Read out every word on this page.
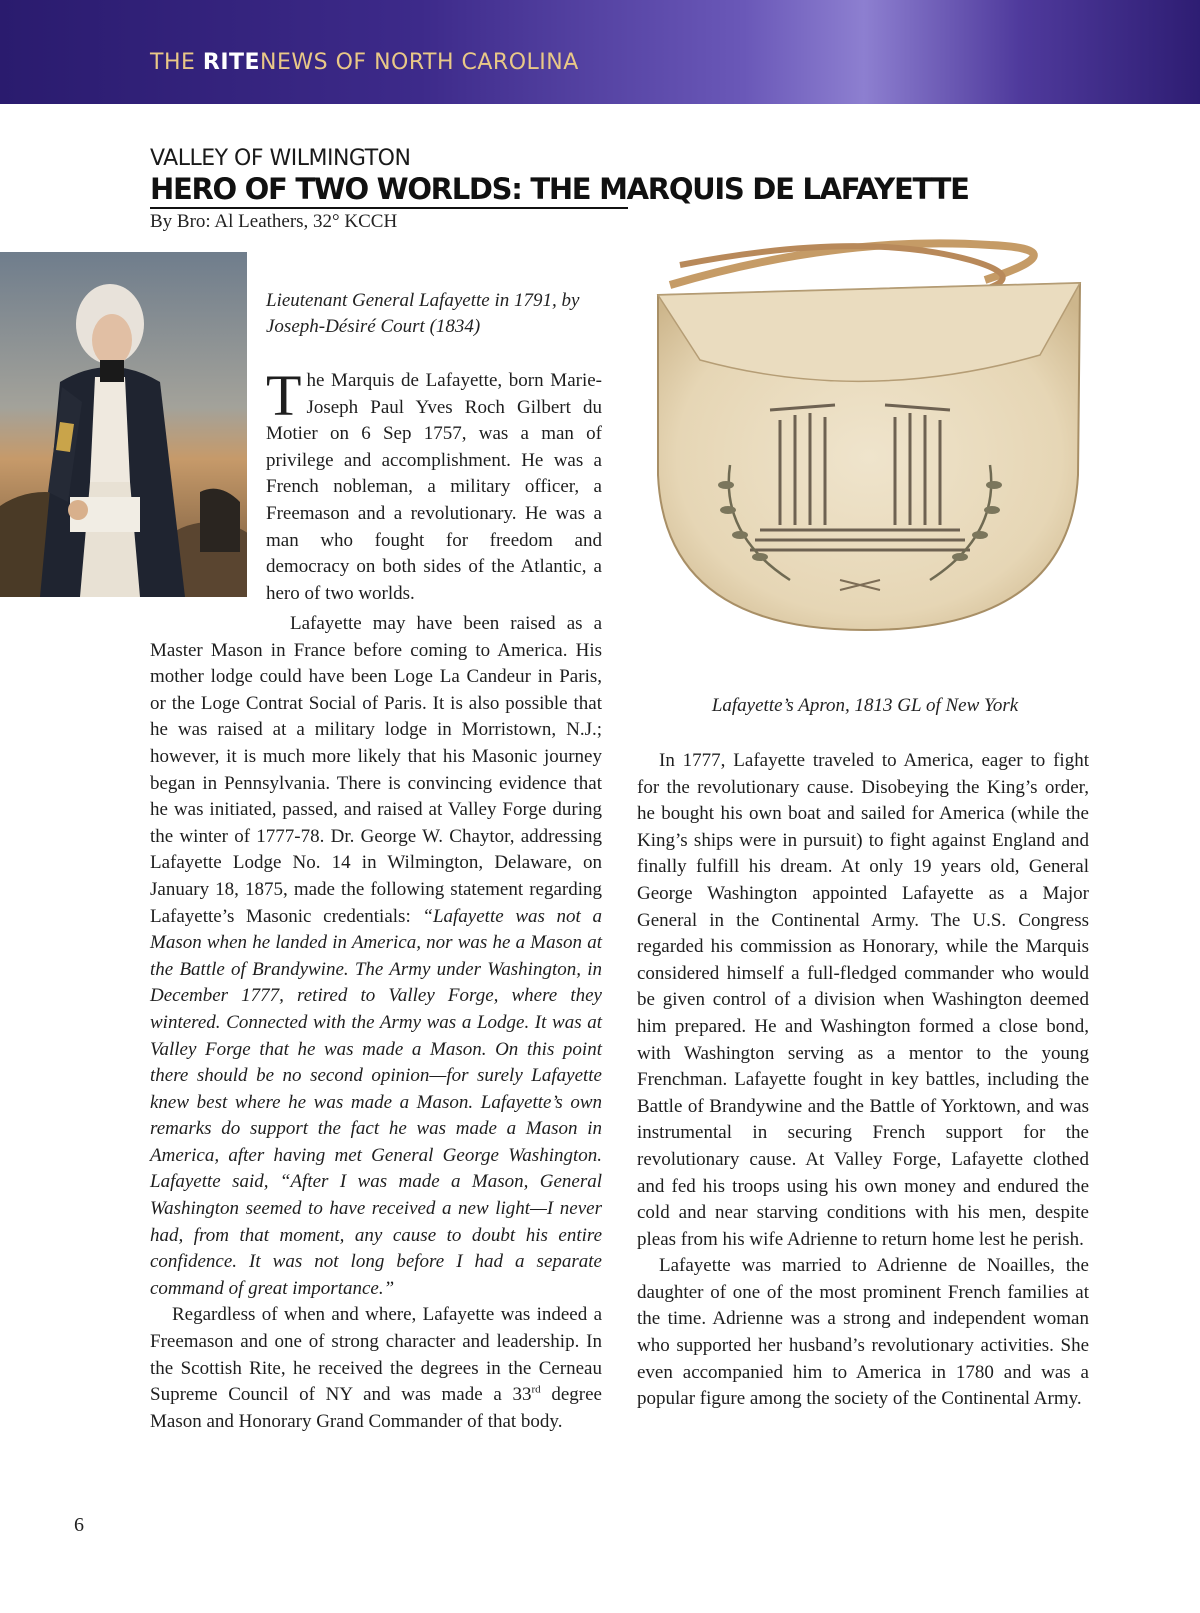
THE RITENEWS OF NORTH CAROLINA
VALLEY OF WILMINGTON
HERO OF TWO WORLDS: THE MARQUIS DE LAFAYETTE
By Bro: Al Leathers, 32° KCCH
Lieutenant General Lafayette in 1791, by Joseph-Désiré Court (1834)
Lafayette’s Apron, 1813 GL of New York

The Marquis de Lafayette, born Marie-Joseph Paul Yves Roch Gilbert du Motier on 6 Sep 1757, was a man of privilege and accomplishment. He was a French nobleman, a military officer, a Freemason and a revolutionary. He was a man who fought for freedom and democracy on both sides of the Atlantic, a hero of two worlds.

Lafayette may have been raised as a Master Mason in France before coming to America. His mother lodge could have been Loge La Candeur in Paris, or the Loge Contrat Social of Paris. It is also possible that he was raised at a military lodge in Morristown, N.J.; however, it is much more likely that his Masonic journey began in Pennsylvania. There is convincing evidence that he was initiated, passed, and raised at Valley Forge during the winter of 1777-78. Dr. George W. Chaytor, addressing Lafayette Lodge No. 14 in Wilmington, Delaware, on January 18, 1875, made the following statement regarding Lafayette’s Masonic credentials: “Lafayette was not a Mason when he landed in America, nor was he a Mason at the Battle of Brandywine. The Army under Washington, in December 1777, retired to Valley Forge, where they wintered. Connected with the Army was a Lodge. It was at Valley Forge that he was made a Mason. On this point there should be no second opinion—for surely Lafayette knew best where he was made a Mason. Lafayette’s own remarks do support the fact he was made a Mason in America, after having met General George Washington. Lafayette said, “After I was made a Mason, General Washington seemed to have received a new light—I never had, from that moment, any cause to doubt his entire confidence. It was not long before I had a separate command of great importance.”

Regardless of when and where, Lafayette was indeed a Freemason and one of strong character and leadership. In the Scottish Rite, he received the degrees in the Cerneau Supreme Council of NY and was made a 33rd degree Mason and Honorary Grand Commander of that body.

In 1777, Lafayette traveled to America, eager to fight for the revolutionary cause. Disobeying the King’s order, he bought his own boat and sailed for America (while the King’s ships were in pursuit) to fight against England and finally fulfill his dream. At only 19 years old, General George Washington appointed Lafayette as a Major General in the Continental Army. The U.S. Congress regarded his commission as Honorary, while the Marquis considered himself a full-fledged commander who would be given control of a division when Washington deemed him prepared. He and Washington formed a close bond, with Washington serving as a mentor to the young Frenchman. Lafayette fought in key battles, including the Battle of Brandywine and the Battle of Yorktown, and was instrumental in securing French support for the revolutionary cause. At Valley Forge, Lafayette clothed and fed his troops using his own money and endured the cold and near starving conditions with his men, despite pleas from his wife Adrienne to return home lest he perish.

Lafayette was married to Adrienne de Noailles, the daughter of one of the most prominent French families at the time. Adrienne was a strong and independent woman who supported her husband’s revolutionary activities. She even accompanied him to America in 1780 and was a popular figure among the society of the Continental Army.

6
